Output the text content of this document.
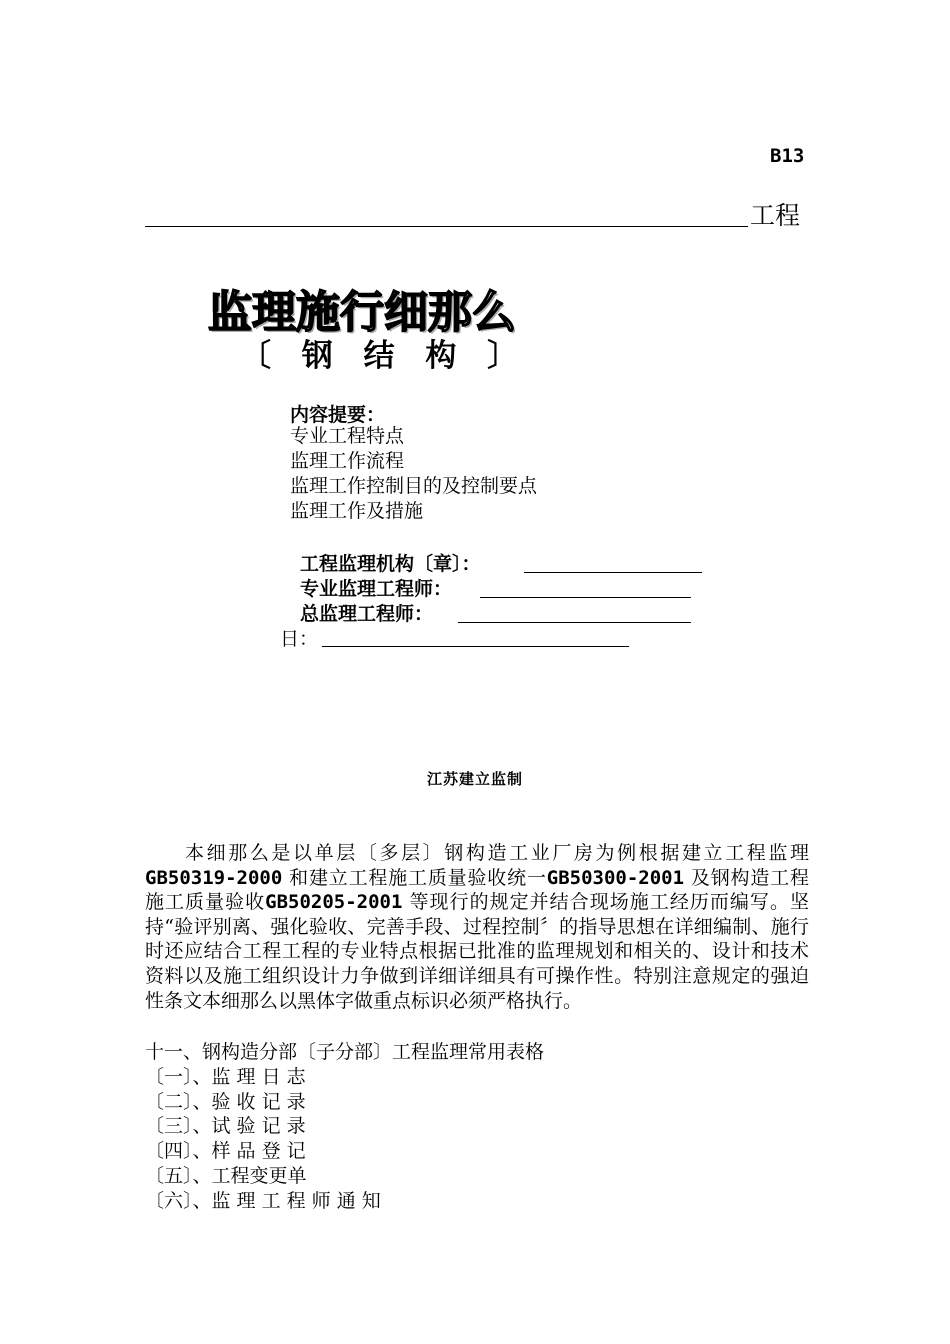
B13
工程
监理施行细那么
〔 钢 结 构 〕
内容提要：
专业工程特点
监理工作流程
监理工作控制目的及控制要点
监理工作及措施
工程监理机构〔章〕：
专业监理工程师：
总监理工程师：
日：
江苏建立监制

本细那么是以单层〔多层〕钢构造工业厂房为例根据建立工程监理GB50319-2000 和建立工程施工质量验收统一GB50300-2001 及钢构造工程施工质量验收GB50205-2001 等现行的规定并结合现场施工经历而编写。坚持“验评别离、强化验收、完善手段、过程控制〞的指导思想在详细编制、施行时还应结合工程工程的专业特点根据已批准的监理规划和相关的、设计和技术资料以及施工组织设计力争做到详细详细具有可操作性。特别注意规定的强迫性条文本细那么以黑体字做重点标识必须严格执行。

十一、钢构造分部〔子分部〕工程监理常用表格
〔一〕、监 理 日 志
〔二〕、验 收 记 录
〔三〕、试 验 记 录
〔四〕、样 品 登 记
〔五〕、工程变更单
〔六〕、监 理 工 程 师 通 知
